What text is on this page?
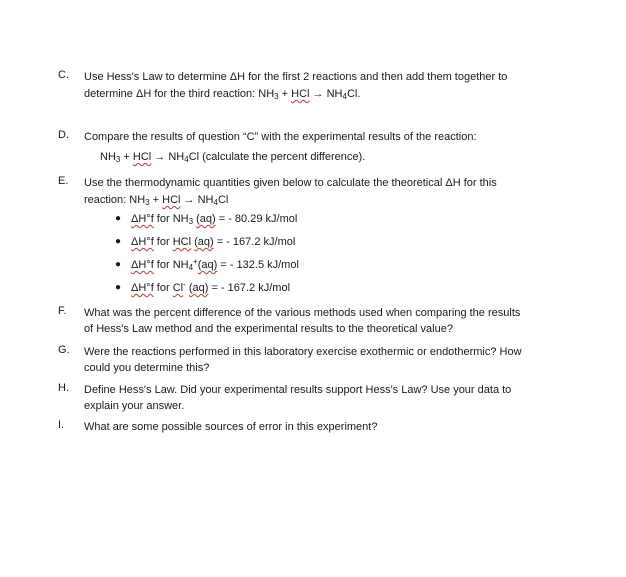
C. Use Hess's Law to determine ΔH for the first 2 reactions and then add them together to
determine ΔH for the third reaction: NH3 + HCl → NH4Cl.
D. Compare the results of question “C” with the experimental results of the reaction:
NH3 + HCl → NH4Cl (calculate the percent difference).
E. Use the thermodynamic quantities given below to calculate the theoretical ΔH for this
reaction: NH3 + HCl → NH4Cl
● ΔH°f for NH3 (aq) = - 80.29 kJ/mol
● ΔH°f for HCl (aq) = - 167.2 kJ/mol
● ΔH°f for NH4+(aq) = - 132.5 kJ/mol
● ΔH°f for Cl- (aq) = - 167.2 kJ/mol
F. What was the percent difference of the various methods used when comparing the results
of Hess's Law method and the experimental results to the theoretical value?
G. Were the reactions performed in this laboratory exercise exothermic or endothermic? How
could you determine this?
H. Define Hess's Law. Did your experimental results support Hess's Law? Use your data to
explain your answer.
I. What are some possible sources of error in this experiment?
